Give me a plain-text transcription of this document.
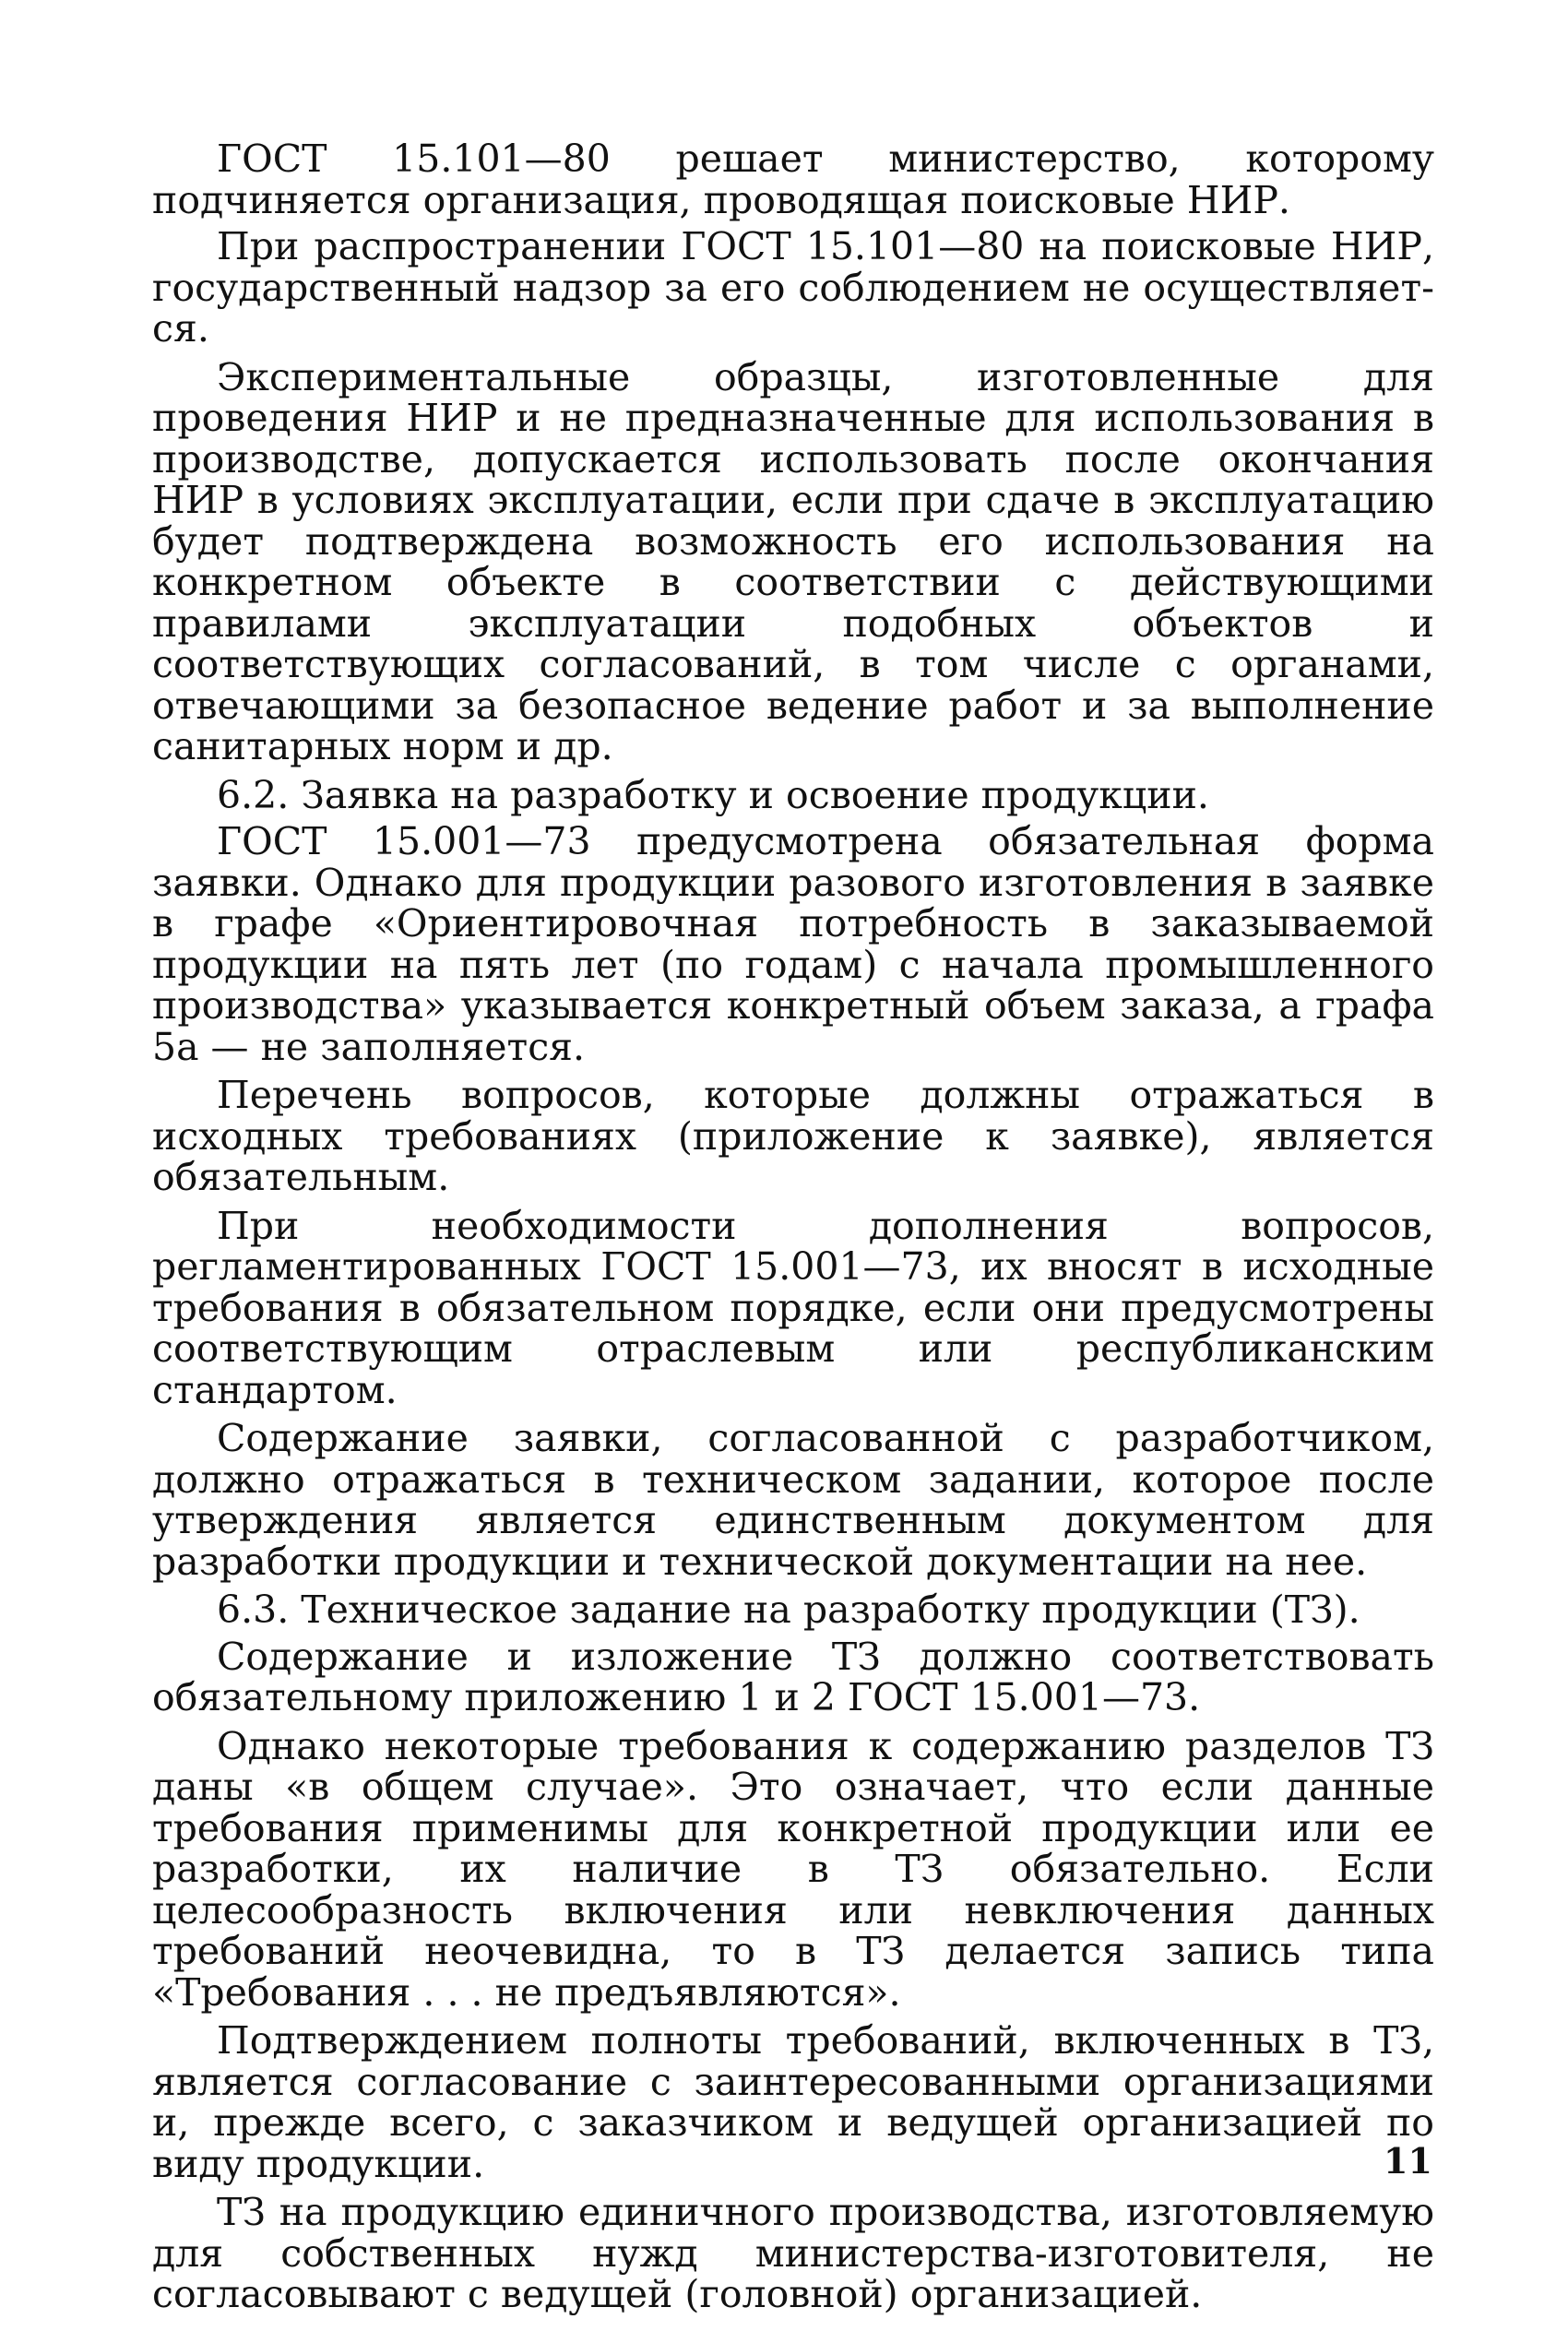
ГОСТ 15.101—80 решает министерство, которому подчиняется организация, проводящая поисковые НИР.

При распространении ГОСТ 15.101—80 на поисковые НИР, государственный надзор за его соблюдением не осуществляется.

Экспериментальные образцы, изготовленные для проведения НИР и не предназначенные для использования в производстве, допускается использовать после окончания НИР в условиях эксплуатации, если при сдаче в эксплуатацию будет подтверждена возможность его использования на конкретном объекте в соответствии с действующими правилами эксплуатации подобных объектов и соответствующих согласований, в том числе с органами, отвечающими за безопасное ведение работ и за выполнение санитарных норм и др.

6.2. Заявка на разработку и освоение продукции.

ГОСТ 15.001—73 предусмотрена обязательная форма заявки. Однако для продукции разового изготовления в заявке в графе «Ориентировочная потребность в заказываемой продукции на пять лет (по годам) с начала промышленного производства» указывается конкретный объем заказа, а графа 5а — не заполняется.

Перечень вопросов, которые должны отражаться в исходных требованиях (приложение к заявке), является обязательным.

При необходимости дополнения вопросов, регламентированных ГОСТ 15.001—73, их вносят в исходные требования в обязательном порядке, если они предусмотрены соответствующим отраслевым или республиканским стандартом.

Содержание заявки, согласованной с разработчиком, должно отражаться в техническом задании, которое после утверждения является единственным документом для разработки продукции и технической документации на нее.

6.3. Техническое задание на разработку продукции (ТЗ).

Содержание и изложение ТЗ должно соответствовать обязательному приложению 1 и 2 ГОСТ 15.001—73.

Однако некоторые требования к содержанию разделов ТЗ даны «в общем случае». Это означает, что если данные требования применимы для конкретной продукции или ее разработки, их наличие в ТЗ обязательно. Если целесообразность включения или невключения данных требований неочевидна, то в ТЗ делается запись типа «Требования . . . не предъявляются».

Подтверждением полноты требований, включенных в ТЗ, является согласование с заинтересованными организациями и, прежде всего, с заказчиком и ведущей организацией по виду продукции.

ТЗ на продукцию единичного производства, изготовляемую для собственных нужд министерства-изготовителя, не согласовывают с ведущей (головной) организацией.

11
